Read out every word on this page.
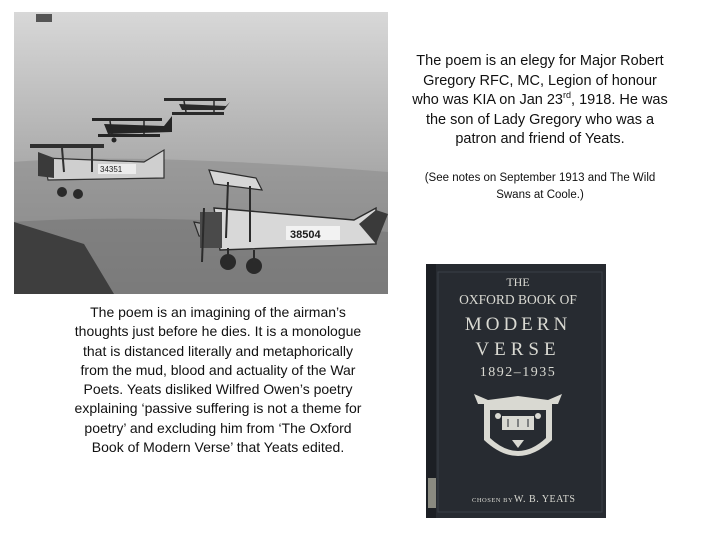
34351
38504
The poem is an elegy for Major Robert Gregory RFC, MC, Legion of honour who was KIA on Jan 23rd, 1918. He was the son of Lady Gregory who was a patron and friend of Yeats.
(See notes on September 1913 and The Wild Swans at Coole.)
The poem is an imagining of the airman’s thoughts just before he dies. It is a monologue that is distanced literally and metaphorically from the mud, blood and actuality of the War Poets. Yeats disliked Wilfred Owen’s poetry explaining ‘passive suffering is not a theme for poetry’ and excluding him from ‘The Oxford Book of Modern Verse’ that Yeats edited.
THE
OXFORD BOOK OF
MODERN
VERSE
1892–1935
CHOSEN BY W. B. YEATS
